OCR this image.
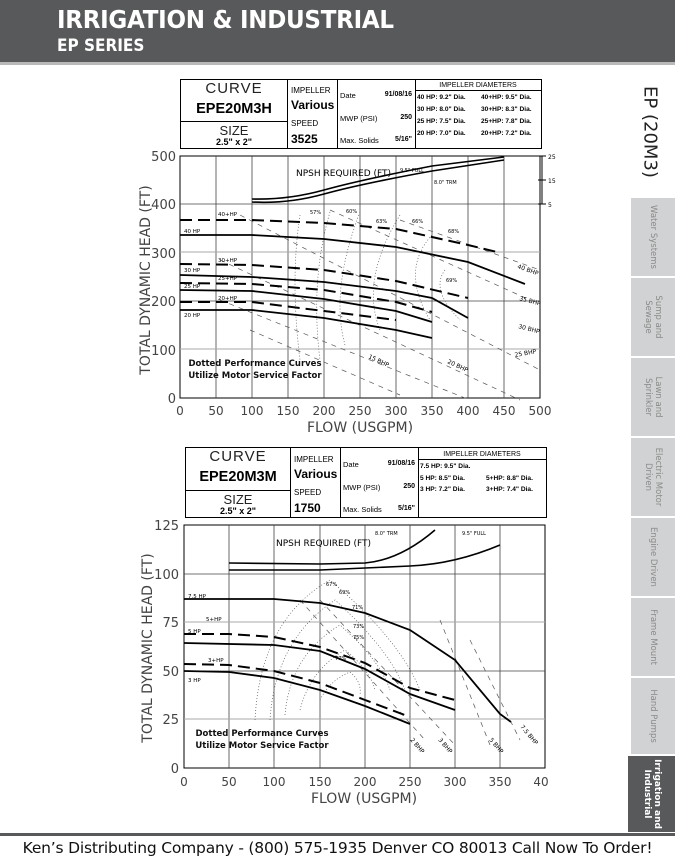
IRRIGATION & INDUSTRIAL
EP SERIES
EP (20M3)
Water Systems
Sump and Sewage
Lawn and Sprinkler
Electric Motor Driven
Engine Driven
Frame Mount
Hand Pumps
Irrigation and Industrial
CURVE
EPE20M3H
SIZE
2.5" x 2"
IMPELLER
Various
SPEED
3525
Date	91/08/16
MWP (PSI)	250
Max. Solids 5/16"
IMPELLER DIAMETERS
40 HP: 9.2" Dia. 40+HP: 9.5" Dia.
30 HP: 8.0" Dia. 30+HP: 8.3" Dia.
25 HP: 7.5" Dia. 25+HP: 7.8" Dia.
20 HP: 7.0" Dia. 20+HP: 7.2" Dia.
500
400
300
200
100
0
0 50 100 150 200 250 300 350 400 450 500
FLOW (USGPM)
TOTAL DYNAMIC HEAD (FT)
25
15
5
NPSH REQUIRED (FT) 9.5" FULL
8.0" TRM
40+HP
40 HP
30+HP
30 HP
25+HP
25 HP
20+HP
20 HP
57%	60%
63%	66%
68%
69%
40 BHP
35 BHP
30 BHP
25 BHP
20 BHP
15 BHP
Dotted Performance Curves
Utilize Motor Service Factor
CURVE
EPE20M3M
SIZE
2.5" x 2"
IMPELLER
Various
SPEED
1750
Date	91/08/16
MWP (PSI)	250
Max. Solids 5/16"
IMPELLER DIAMETERS
7.5 HP: 9.5" Dia.
5 HP: 8.5" Dia.	5+HP: 8.8" Dia.
3 HP: 7.2" Dia.	3+HP: 7.4" Dia.
125
100
75
50
25
0
0	50 100 150 200 250 300 350 40
FLOW (USGPM)
TOTAL DYNAMIC HEAD (FT)
NPSH REQUIRED (FT)
8.0" TRM	9.5" FULL
7.5 HP
5+HP
5 HP
3+HP
3 HP
67%
69%
71%
73%
75%
77%
2 BHP 3 BHP	5 BHP 7.5 BHP
Dotted Performance Curves
Utilize Motor Service Factor
Ken’s Distributing Company - (800) 575-1935 Denver CO 80013 Call Now To Order!
